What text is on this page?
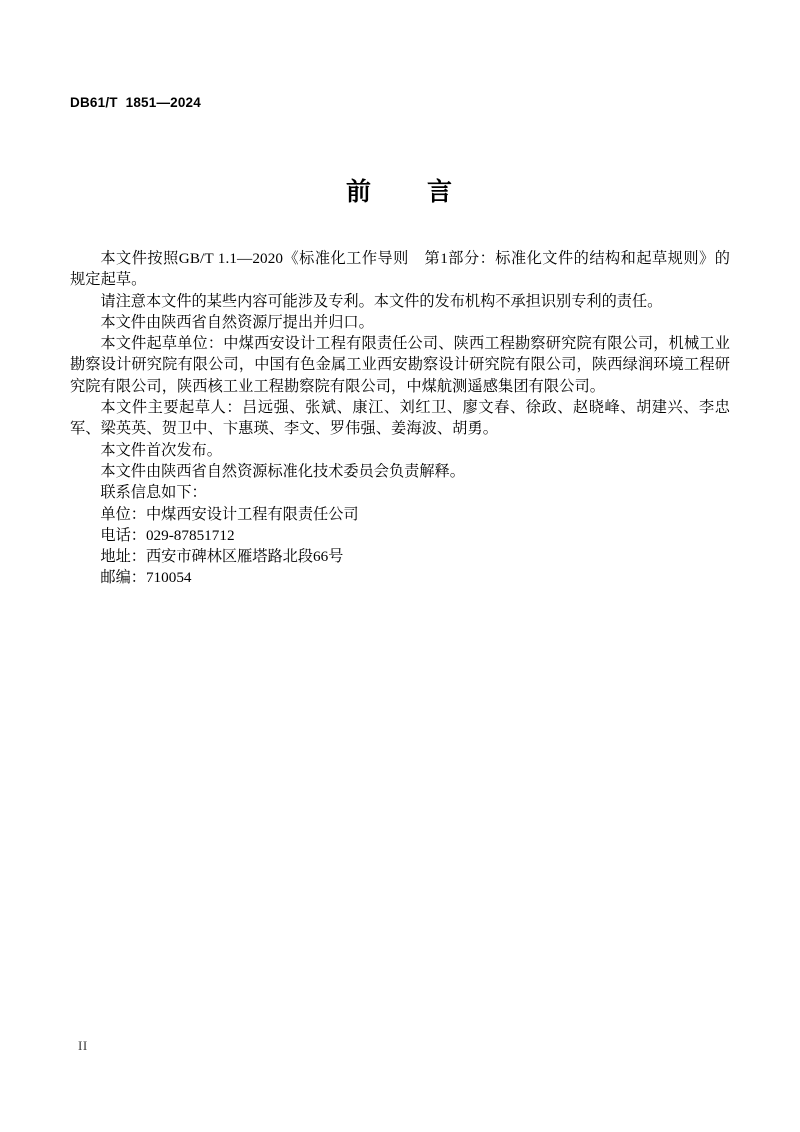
DB61/T  1851—2024
前　　言

本文件按照GB/T 1.1—2020《标准化工作导则　第1部分：标准化文件的结构和起草规则》的规定起草。

请注意本文件的某些内容可能涉及专利。本文件的发布机构不承担识别专利的责任。

本文件由陕西省自然资源厅提出并归口。

本文件起草单位：中煤西安设计工程有限责任公司、陕西工程勘察研究院有限公司，机械工业勘察设计研究院有限公司，中国有色金属工业西安勘察设计研究院有限公司，陕西绿润环境工程研究院有限公司，陕西核工业工程勘察院有限公司，中煤航测遥感集团有限公司。

本文件主要起草人：吕远强、张斌、康江、刘红卫、廖文春、徐政、赵晓峰、胡建兴、李忠军、梁英英、贺卫中、卞惠瑛、李文、罗伟强、姜海波、胡勇。

本文件首次发布。

本文件由陕西省自然资源标准化技术委员会负责解释。

联系信息如下：

单位：中煤西安设计工程有限责任公司

电话：029-87851712

地址：西安市碑林区雁塔路北段66号

邮编：710054

II
